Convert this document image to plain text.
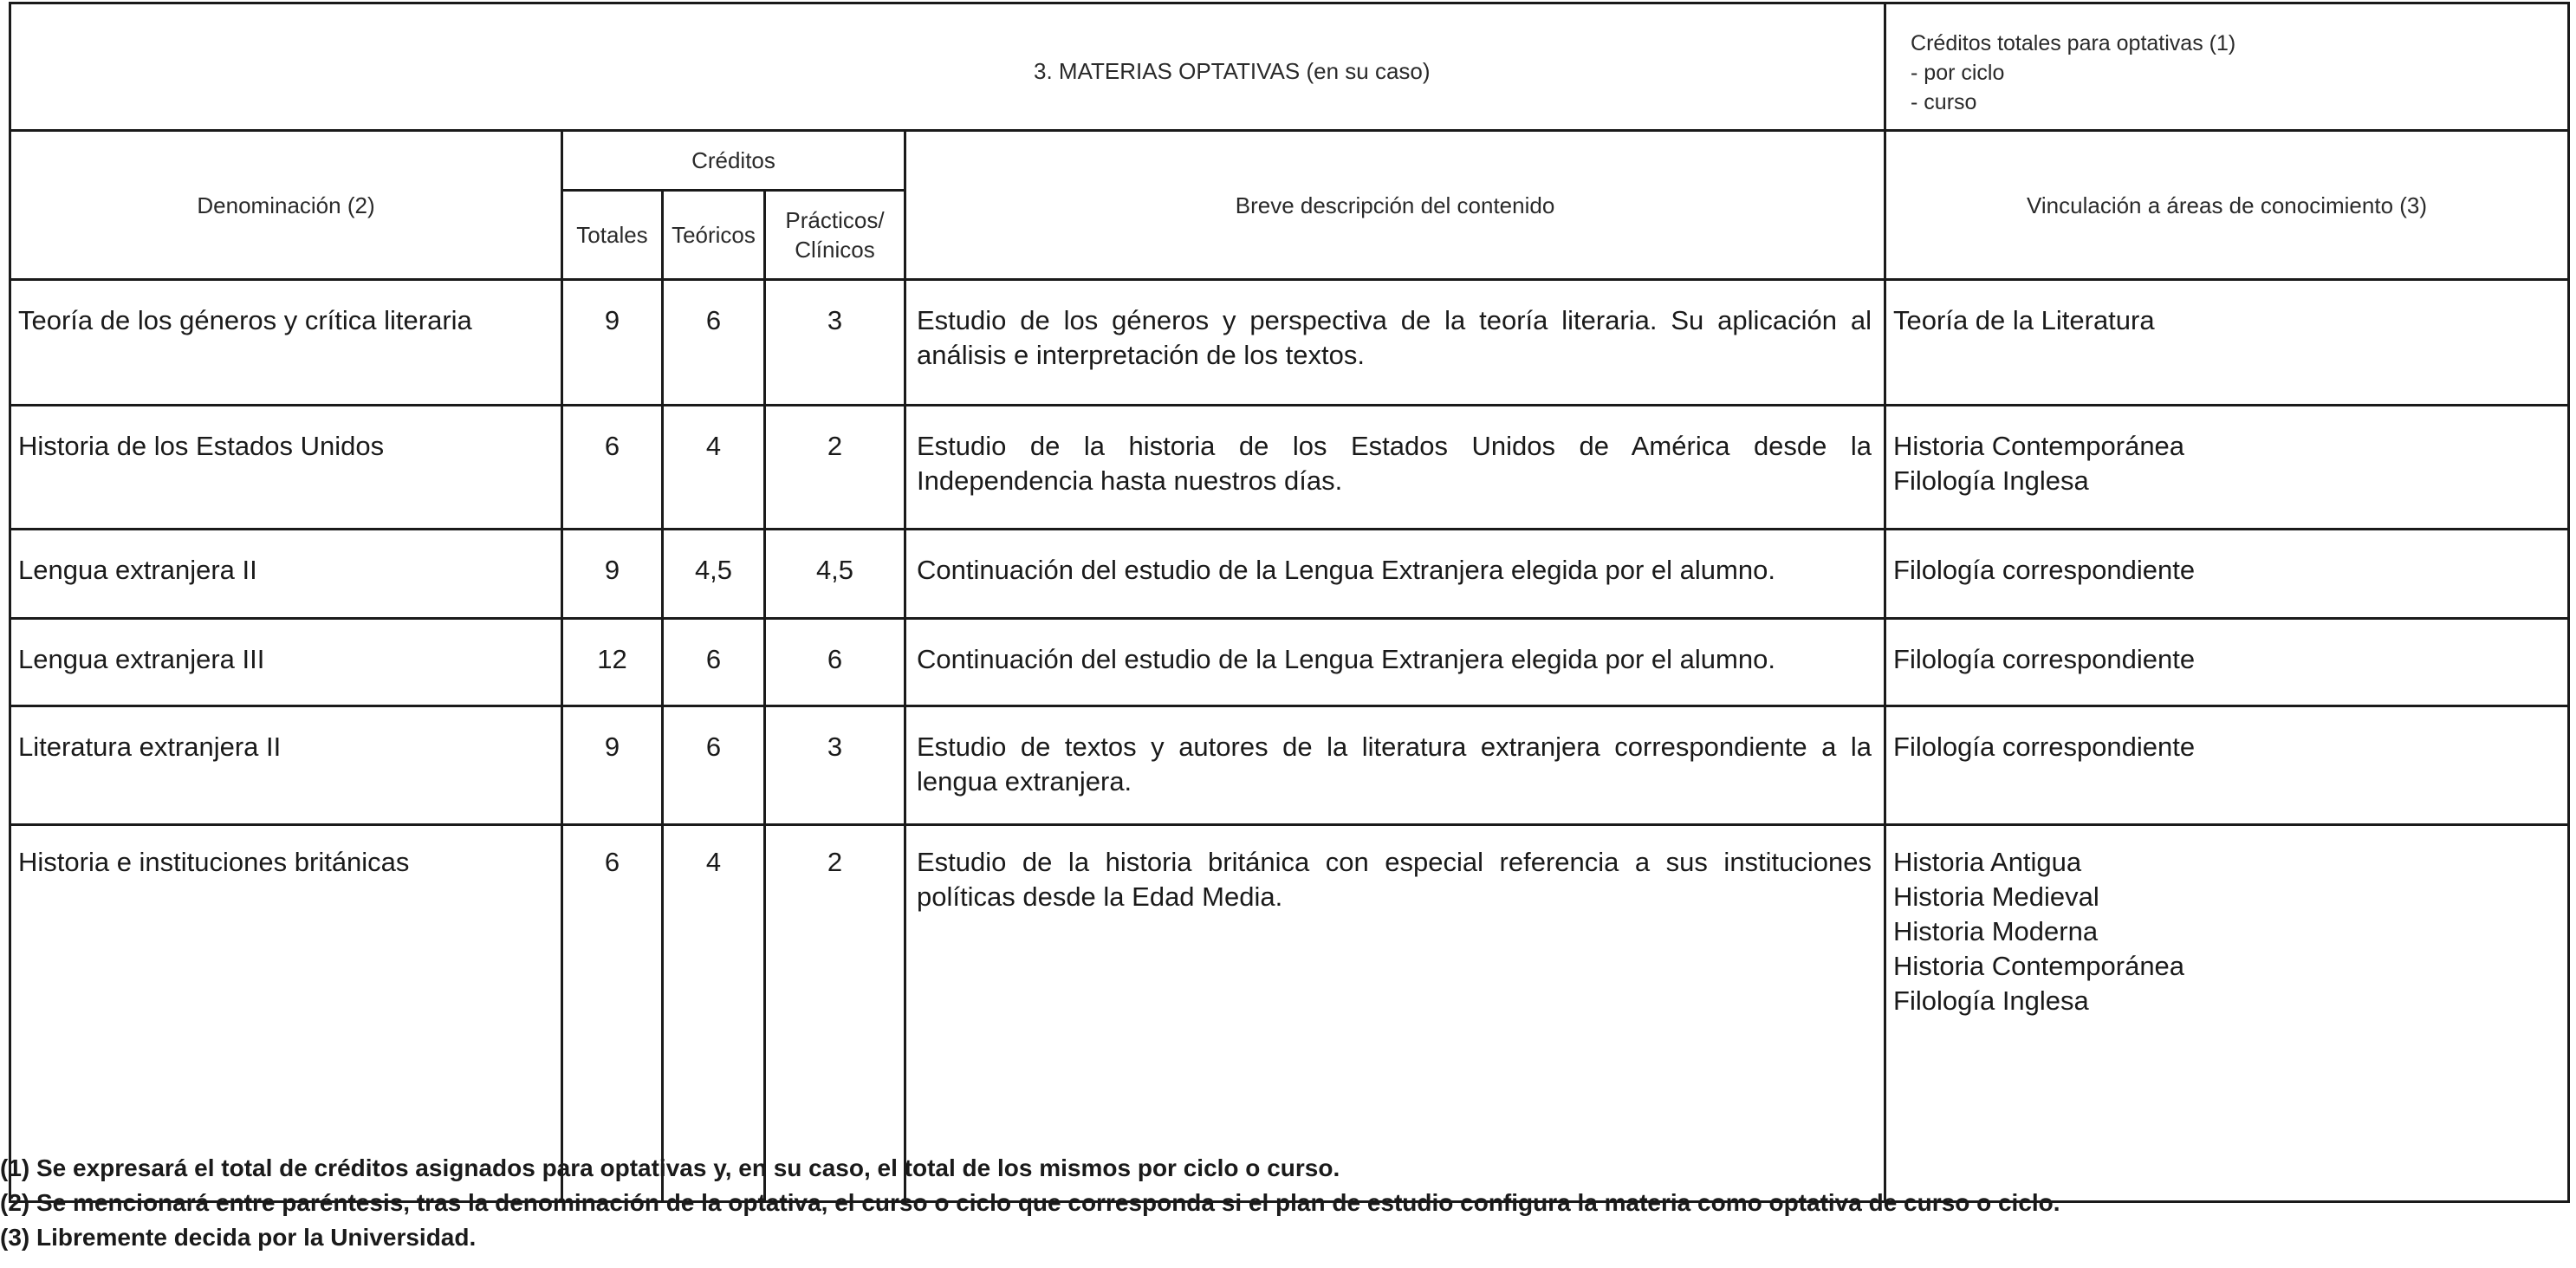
3. MATERIAS OPTATIVAS (en su caso)					Créditos totales para optativas (1)
- por ciclo
- curso

Denominación (2)	Créditos			Breve descripción del contenido	Vinculación a áreas de conocimiento (3)
	Totales	Teóricos	Prácticos/ Clínicos		
Teoría de los géneros y crítica literaria	9	6	3	Estudio de los géneros y perspectiva de la teoría literaria. Su aplicación al análisis e interpretación de los textos.	Teoría de la Literatura

Historia de los Estados Unidos	6	4	2	Estudio de la historia de los Estados Unidos de América desde la Independencia hasta nuestros días.	Historia Contemporánea
Filología Inglesa

Lengua extranjera II	9	4,5	4,5	Continuación del estudio de la Lengua Extranjera elegida por el alumno.	Filología correspondiente

Lengua extranjera III	12	6	6	Continuación del estudio de la Lengua Extranjera elegida por el alumno.	Filología correspondiente

Literatura extranjera II	9	6	3	Estudio de textos y autores de la literatura extranjera correspondiente a la lengua extranjera.	Filología correspondiente

Historia e instituciones británicas	6	4	2	Estudio de la historia británica con especial referencia a sus instituciones políticas desde la Edad Media.	Historia Antigua
Historia Medieval
Historia Moderna
Historia Contemporánea
Filología Inglesa
(1) Se expresará el total de créditos asignados para optativas y, en su caso, el total de los mismos por ciclo o curso.
(2) Se mencionará entre paréntesis, tras la denominación de la optativa, el curso o ciclo que corresponda si el plan de estudio configura la materia como optativa de curso o ciclo.
(3) Libremente decida por la Universidad.
